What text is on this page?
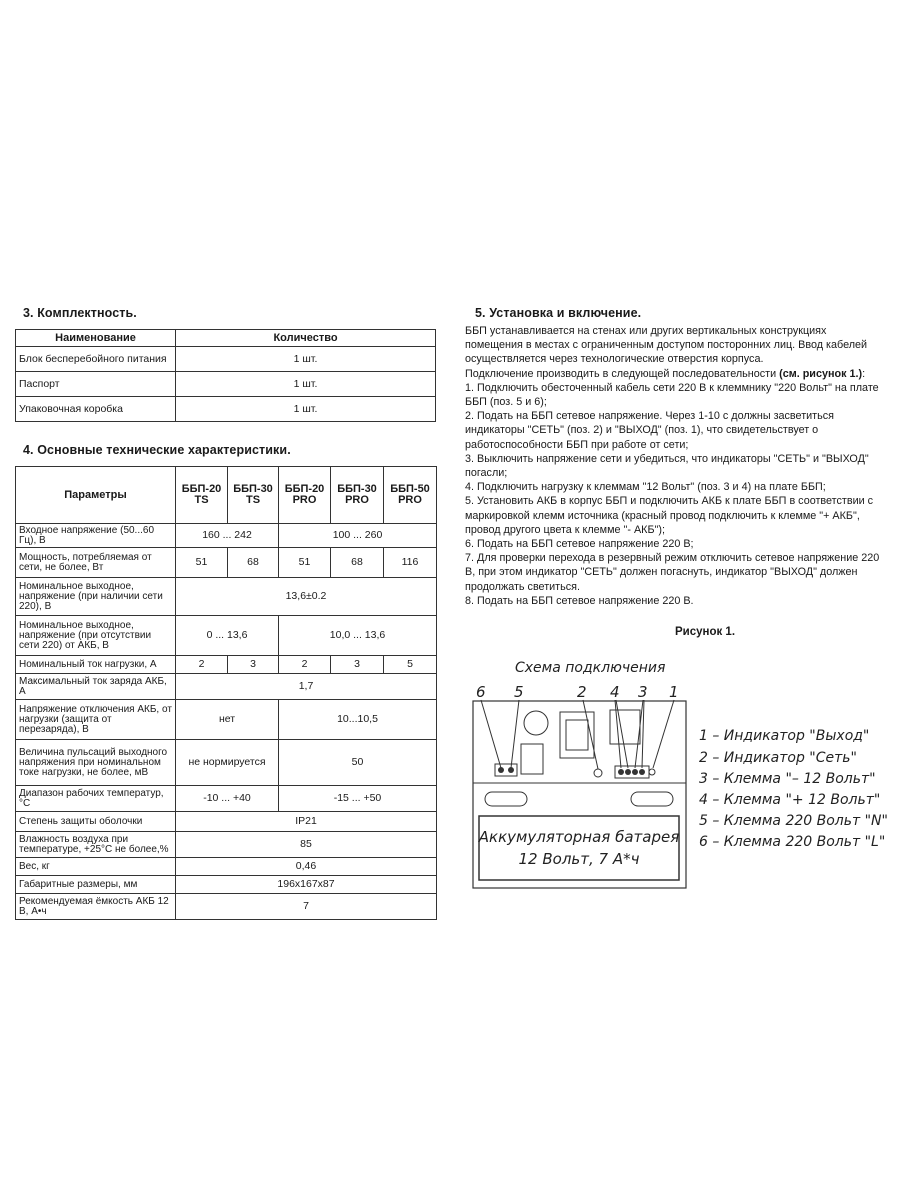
3. Комплектность.
Наименование	Количество
Блок бесперебойного питания	1 шт.
Паспорт	1 шт.
Упаковочная коробка	1 шт.
4. Основные технические характеристики.
Параметры	ББП-20 TS	ББП-30 TS	ББП-20 PRO	ББП-30 PRO	ББП-50 PRO
Входное напряжение (50...60 Гц), В	160 ... 242		100 ... 260		
Мощность, потребляемая от сети, не более, Вт	51	68	51	68	116
Номинальное выходное, напряжение (при наличии сети 220), В	13,6±0.2				
Номинальное выходное, напряжение (при отсутствии сети 220) от АКБ, В	0 ... 13,6		10,0 ... 13,6		
Номинальный ток нагрузки, А	2	3	2	3	5
Максимальный ток заряда АКБ, А	1,7				
Напряжение отключения АКБ, от нагрузки (защита от перезаряда), В	нет		10...10,5		
Величина пульсаций выходного напряжения при номинальном токе нагрузки, не более, мВ	не нормируется		50		
Диапазон рабочих температур, °С	-10 ... +40		-15 ... +50		
Степень защиты оболочки	IP21				
Влажность воздуха при температуре, +25°С не более,%	85				
Вес, кг	0,46				
Габаритные размеры, мм	196х167х87				
Рекомендуемая ёмкость АКБ 12 В, А•ч	7				
5. Установка и включение.

ББП устанавливается на стенах или других вертикальных конструкциях помещения в местах с ограниченным доступом посторонних лиц. Ввод кабелей осуществляется через технологические отверстия корпуса.

Подключение производить в следующей последовательности (см. рисунок 1.):

1. Подключить обесточенный кабель сети 220 В к клеммнику "220 Вольт" на плате ББП (поз. 5 и 6);

2. Подать на ББП сетевое напряжение. Через 1-10 с должны засветиться индикаторы "СЕТЬ" (поз. 2) и "ВЫХОД" (поз. 1), что свидетельствует о работоспособности ББП при работе от сети;

3. Выключить напряжение сети и убедиться, что индикаторы "СЕТЬ" и "ВЫХОД" погасли;

4. Подключить нагрузку к клеммам "12 Вольт" (поз. 3 и 4) на плате ББП;

5. Установить АКБ в корпус ББП и подключить АКБ к плате ББП в соответствии с маркировкой клемм источника (красный провод подключить к клемме "+ АКБ", провод другого цвета к клемме "- АКБ");

6. Подать на ББП сетевое напряжение 220 В;

7. Для проверки перехода в резервный режим отключить сетевое напряжение 220 В, при этом индикатор "СЕТЬ" должен погаснуть, индикатор "ВЫХОД" должен продолжать светиться.

8. Подать на ББП сетевое напряжение 220 В.

Рисунок 1.
Схема подключения
6 5	2 4 3 1
Аккумуляторная батарея
12 Вольт, 7 А*ч
1 – Индикатор "Выход"
2 – Индикатор "Сеть"
3 – Клемма "– 12 Вольт"
4 – Клемма "+ 12 Вольт"
5 – Клемма 220 Вольт "N"
6 – Клемма 220 Вольт "L"
